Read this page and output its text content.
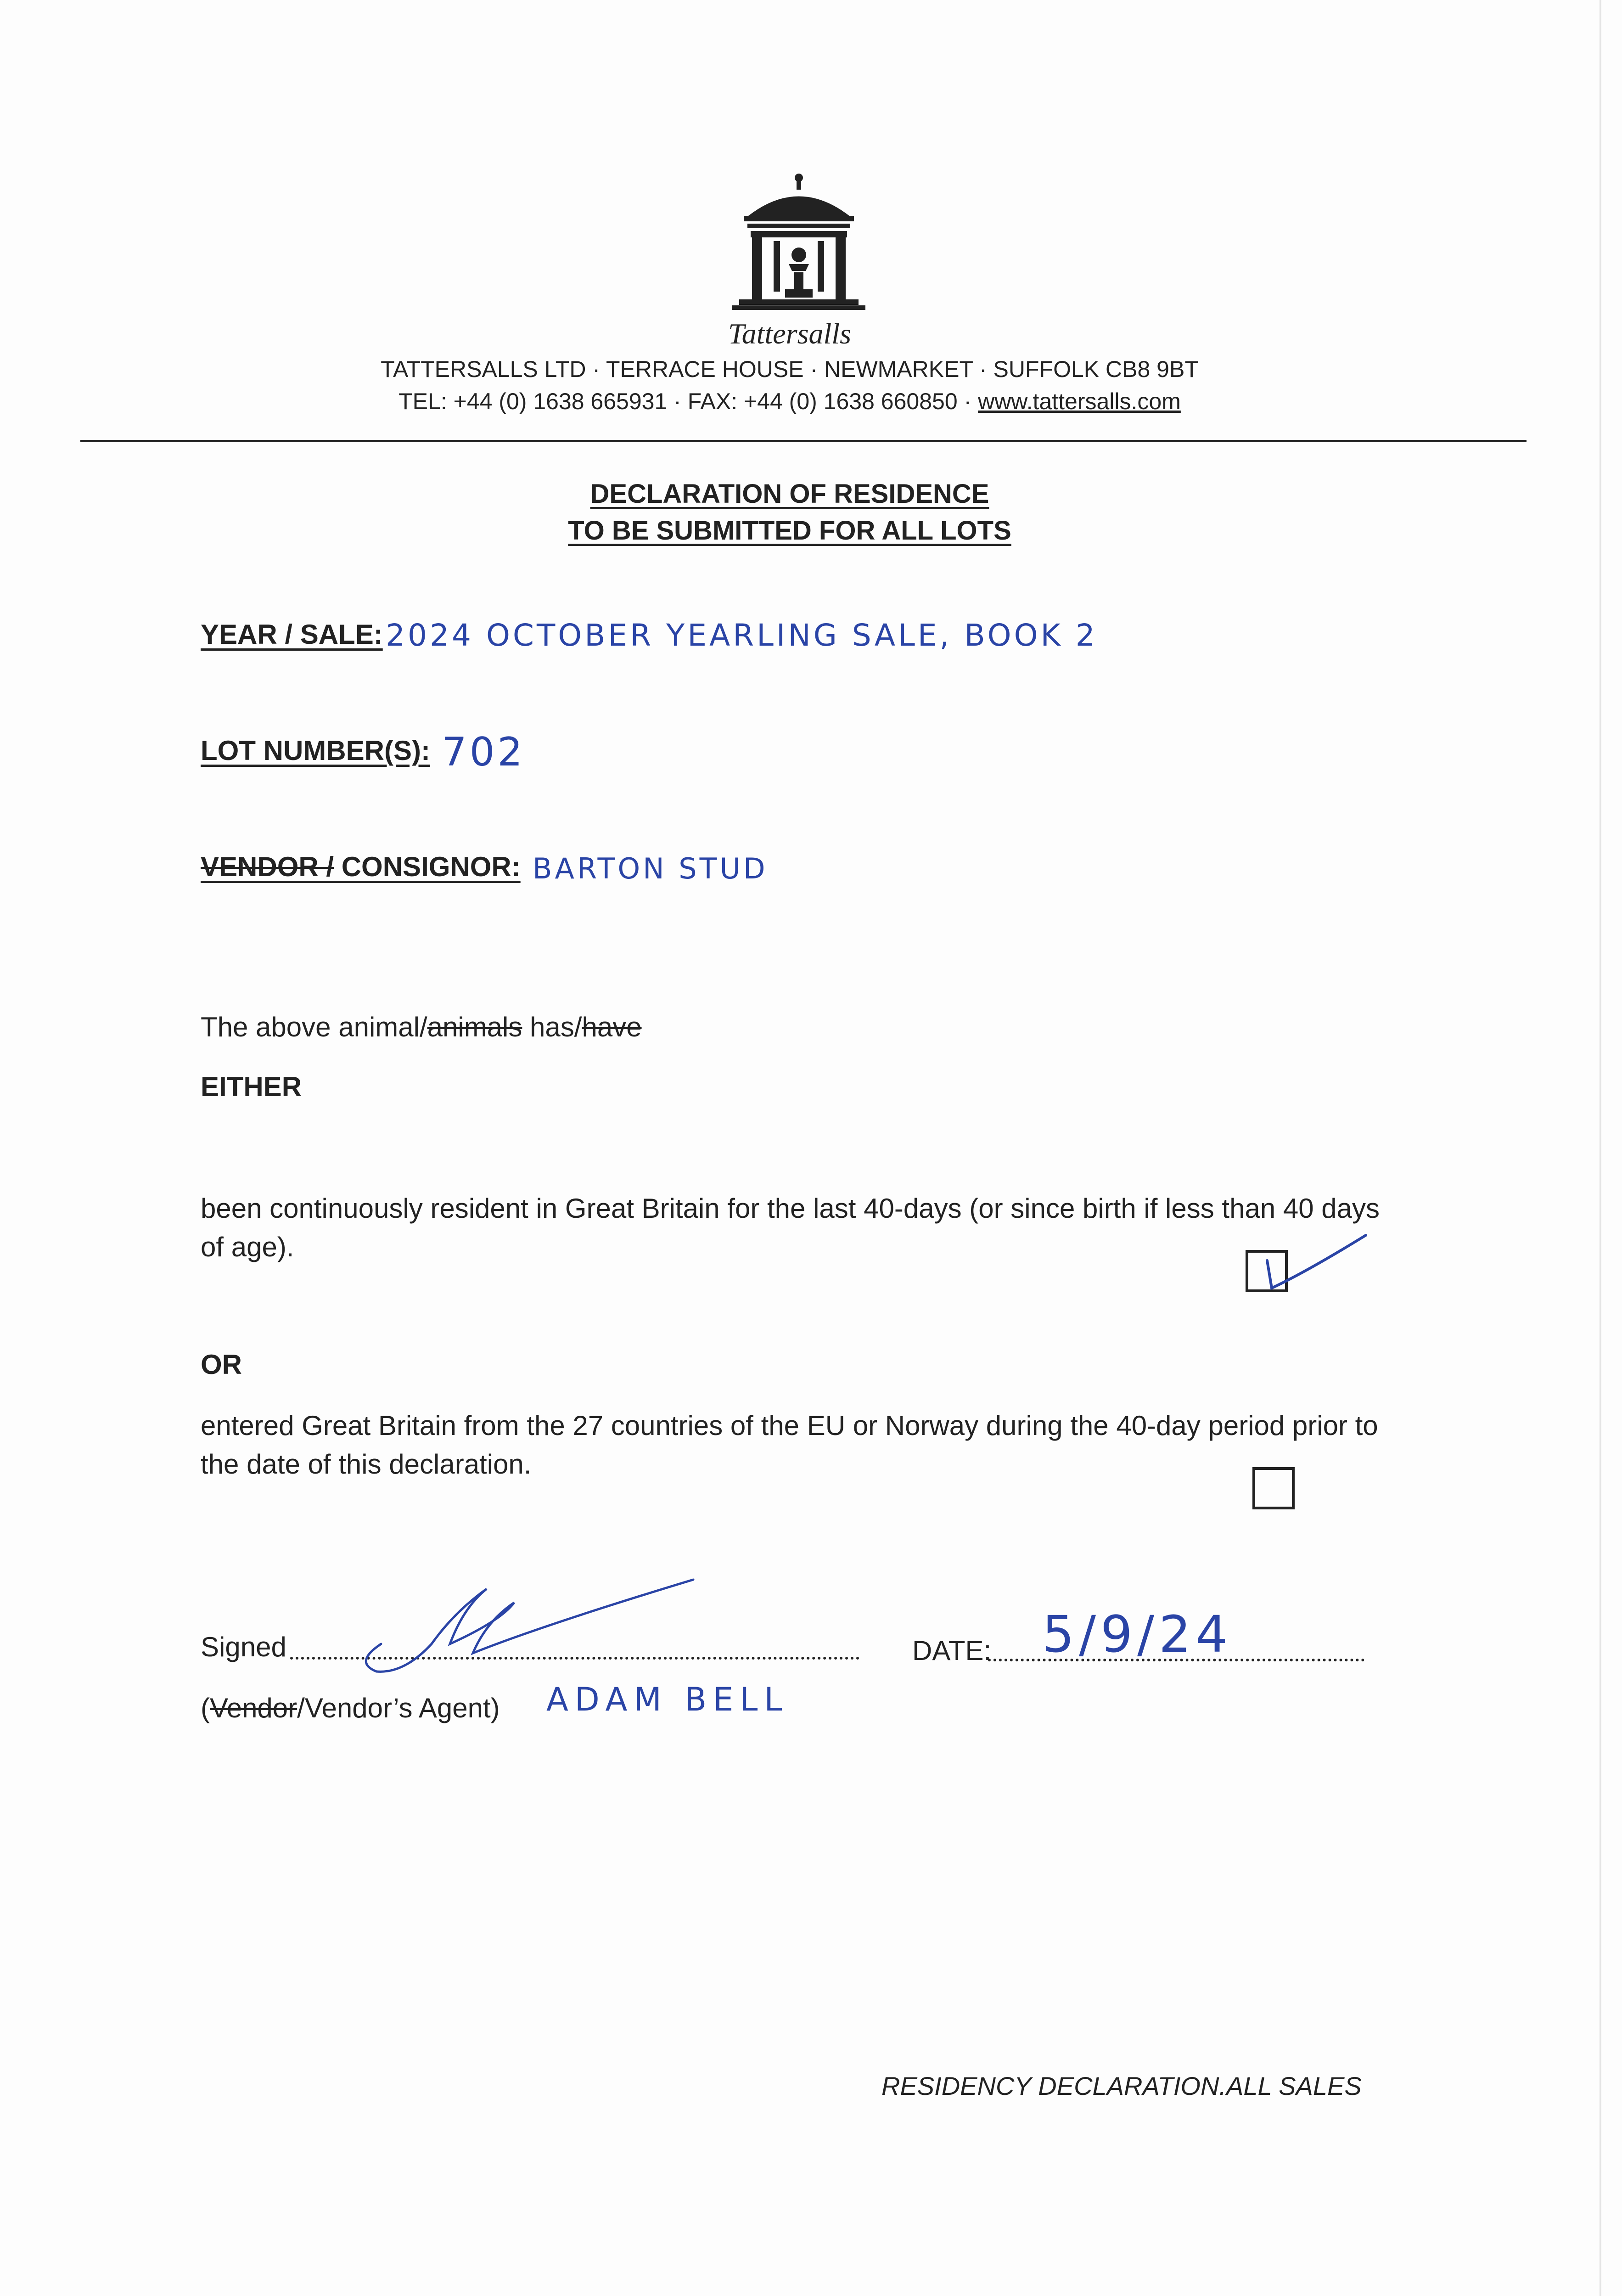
Tattersalls
TATTERSALLS LTD · TERRACE HOUSE · NEWMARKET · SUFFOLK CB8 9BT
TEL: +44 (0) 1638 665931 · FAX: +44 (0) 1638 660850 · www.tattersalls.com
DECLARATION OF RESIDENCE
TO BE SUBMITTED FOR ALL LOTS
YEAR / SALE: 2024 OCTOBER YEARLING SALE, BOOK 2
LOT NUMBER(S): 702
VENDOR / CONSIGNOR: BARTON STUD
The above animal/animals has/have
EITHER
been continuously resident in Great Britain for the last 40-days (or since birth if less than 40 days of age).
OR
entered Great Britain from the 27 countries of the EU or Norway during the 40-day period prior to the date of this declaration.
Signed	DATE: 5/9/24
(Vendor/Vendor’s Agent) ADAM BELL
RESIDENCY DECLARATION.ALL SALES
